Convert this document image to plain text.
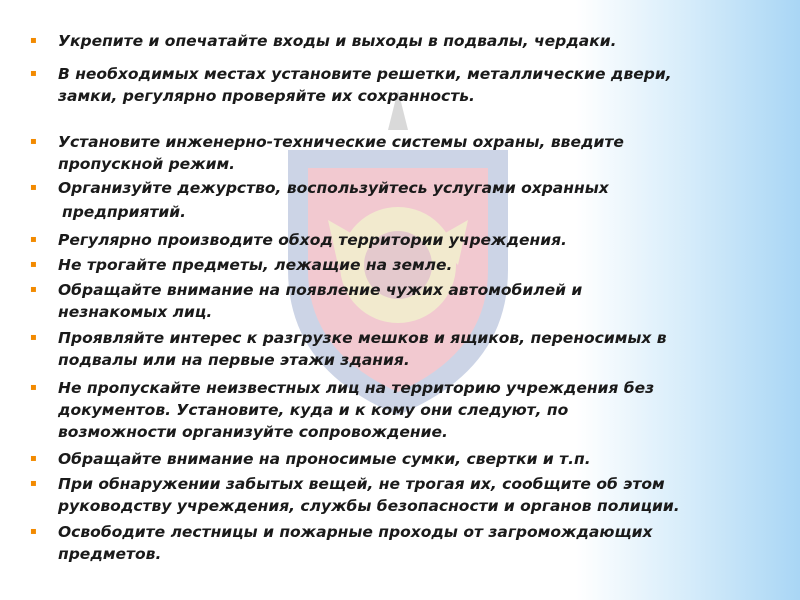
▪	Укрепите и опечатайте входы и выходы в подвалы, чердаки.
▪	В необходимых местах установите решетки, металлические двери,
замки, регулярно проверяйте их сохранность.
▪	Установите инженерно-технические системы охраны, введите
пропускной режим.
▪	Организуйте дежурство, воспользуйтесь услугами охранных
предприятий.
▪	Регулярно производите обход территории учреждения.
▪	Не трогайте предметы, лежащие на земле.
▪	Обращайте внимание на появление чужих автомобилей и
незнакомых лиц.
▪	Проявляйте интерес к разгрузке мешков и ящиков, переносимых в
подвалы или на первые этажи здания.
▪	Не пропускайте неизвестных лиц на территорию учреждения без
документов. Установите, куда и к кому они следуют, по
возможности организуйте сопровождение.
▪	Обращайте внимание на проносимые сумки, свертки и т.п.
▪	При обнаружении забытых вещей, не трогая их, сообщите об этом
руководству учреждения, службы безопасности и органов полиции.
▪	Освободите лестницы и пожарные проходы от загромождающих
предметов.
